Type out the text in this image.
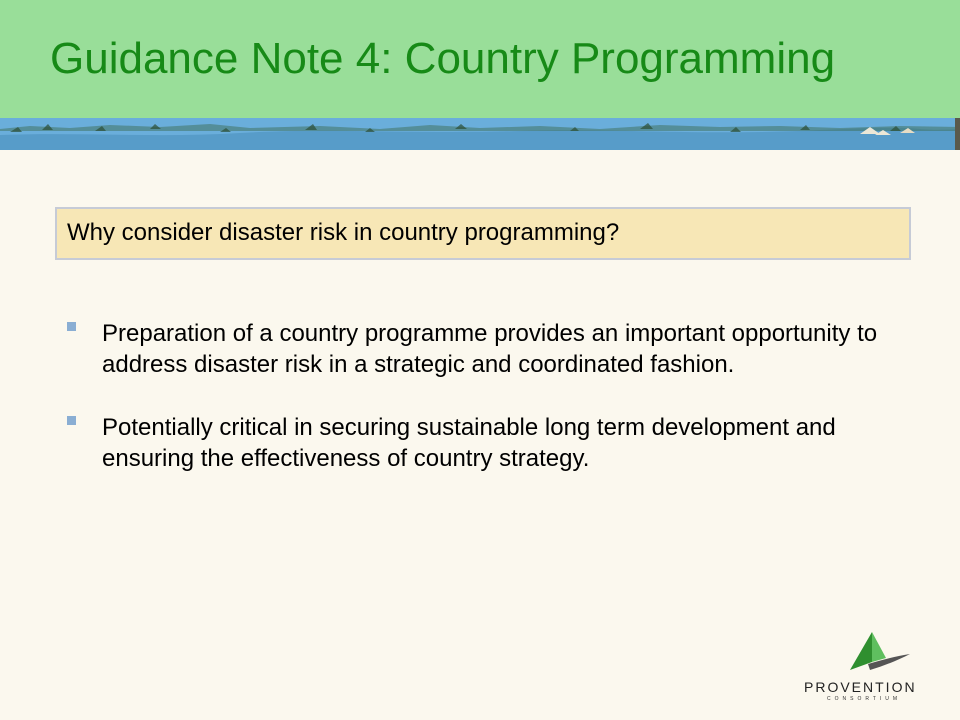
Guidance Note 4: Country Programming
Why consider disaster risk in country programming?
Preparation of a country programme provides an important opportunity to address disaster risk in a strategic and coordinated fashion.
Potentially critical in securing sustainable long term development and ensuring the effectiveness of country strategy.
PROVENTION
CONSORTIUM
